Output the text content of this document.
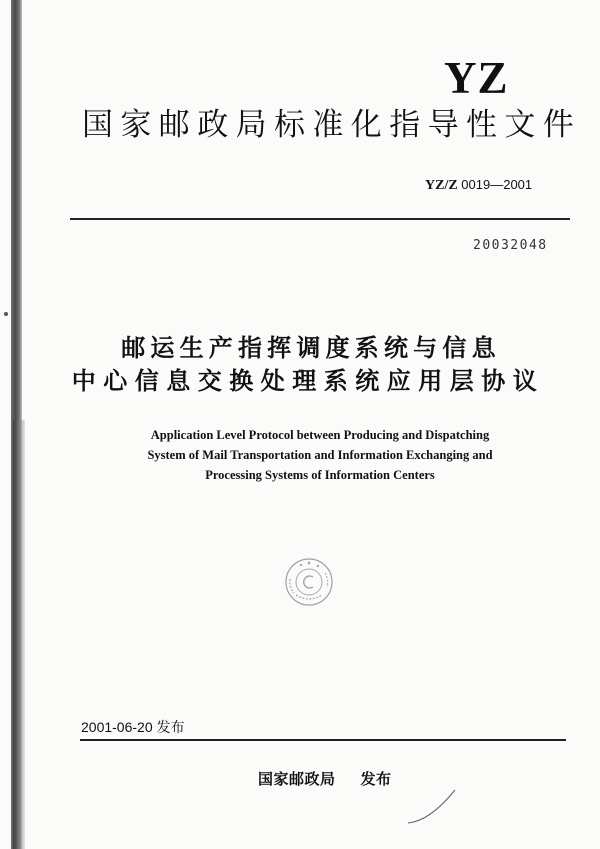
YZ
国家邮政局标准化指导性文件
YZ/Z 0019—2001
20032048
邮运生产指挥调度系统与信息
中心信息交换处理系统应用层协议
Application Level Protocol between Producing and Dispatching
System of Mail Transportation and Information Exchanging and
Processing Systems of Information Centers
2001-06-20 发布
国家邮政局 发布
